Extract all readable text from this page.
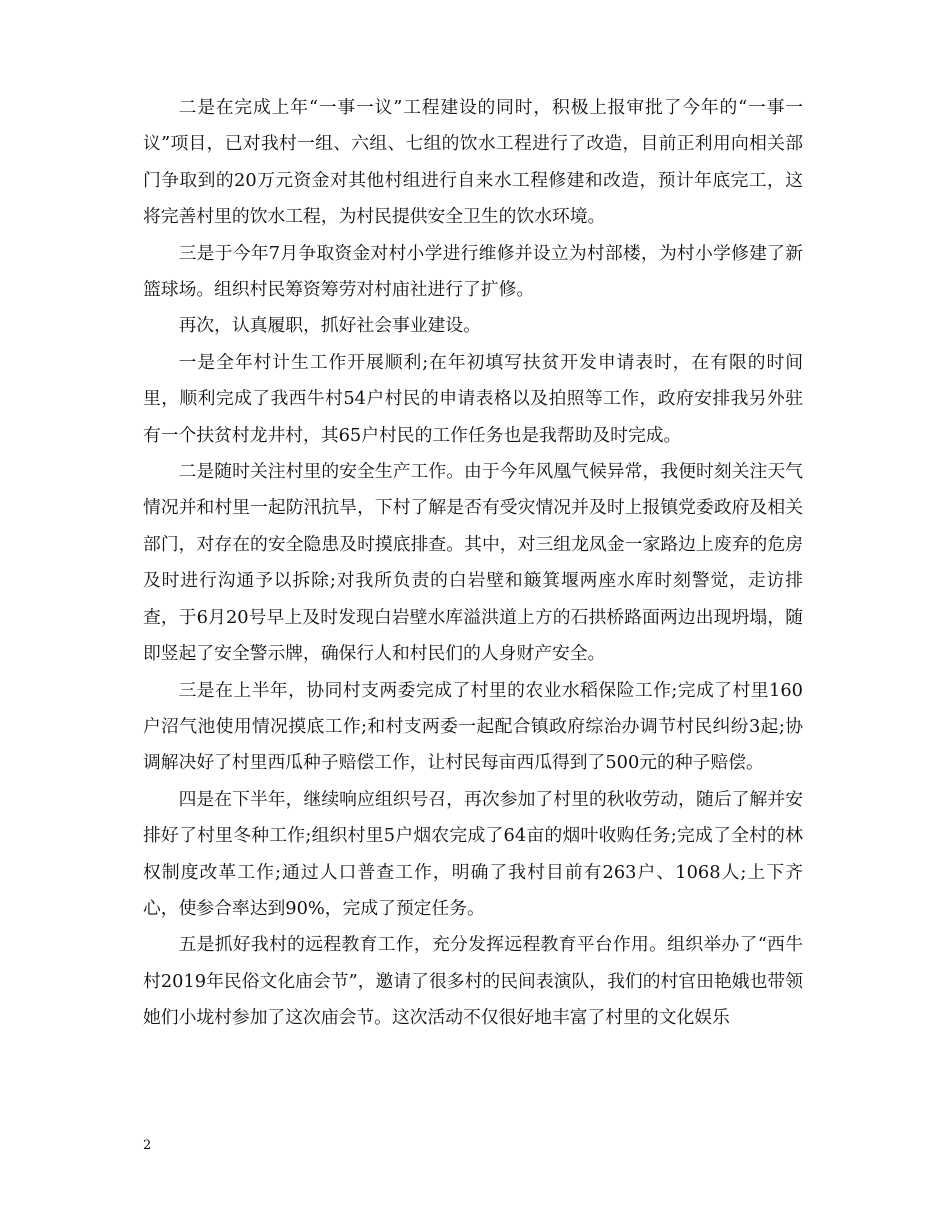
二是在完成上年“一事一议”工程建设的同时，积极上报审批了今年的“一事一议”项目，已对我村一组、六组、七组的饮水工程进行了改造，目前正利用向相关部门争取到的20万元资金对其他村组进行自来水工程修建和改造，预计年底完工，这将完善村里的饮水工程，为村民提供安全卫生的饮水环境。

三是于今年7月争取资金对村小学进行维修并设立为村部楼，为村小学修建了新篮球场。组织村民筹资筹劳对村庙社进行了扩修。

再次，认真履职，抓好社会事业建设。

一是全年村计生工作开展顺利;在年初填写扶贫开发申请表时，在有限的时间里，顺利完成了我西牛村54户村民的申请表格以及拍照等工作，政府安排我另外驻有一个扶贫村龙井村，其65户村民的工作任务也是我帮助及时完成。

二是随时关注村里的安全生产工作。由于今年风凰气候异常，我便时刻关注天气情况并和村里一起防汛抗旱，下村了解是否有受灾情况并及时上报镇党委政府及相关部门，对存在的安全隐患及时摸底排查。其中，对三组龙凤金一家路边上废弃的危房及时进行沟通予以拆除;对我所负责的白岩壁和簸箕堰两座水库时刻警觉，走访排查，于6月20号早上及时发现白岩壁水库溢洪道上方的石拱桥路面两边出现坍塌，随即竖起了安全警示牌，确保行人和村民们的人身财产安全。

三是在上半年，协同村支两委完成了村里的农业水稻保险工作;完成了村里160户沼气池使用情况摸底工作;和村支两委一起配合镇政府综治办调节村民纠纷3起;协调解决好了村里西瓜种子赔偿工作，让村民每亩西瓜得到了500元的种子赔偿。

四是在下半年，继续响应组织号召，再次参加了村里的秋收劳动，随后了解并安排好了村里冬种工作;组织村里5户烟农完成了64亩的烟叶收购任务;完成了全村的林权制度改革工作;通过人口普查工作，明确了我村目前有263户、1068人;上下齐心，使参合率达到90%，完成了预定任务。

五是抓好我村的远程教育工作，充分发挥远程教育平台作用。组织举办了“西牛村2019年民俗文化庙会节”，邀请了很多村的民间表演队，我们的村官田艳娥也带领她们小垅村参加了这次庙会节。这次活动不仅很好地丰富了村里的文化娱乐

2
